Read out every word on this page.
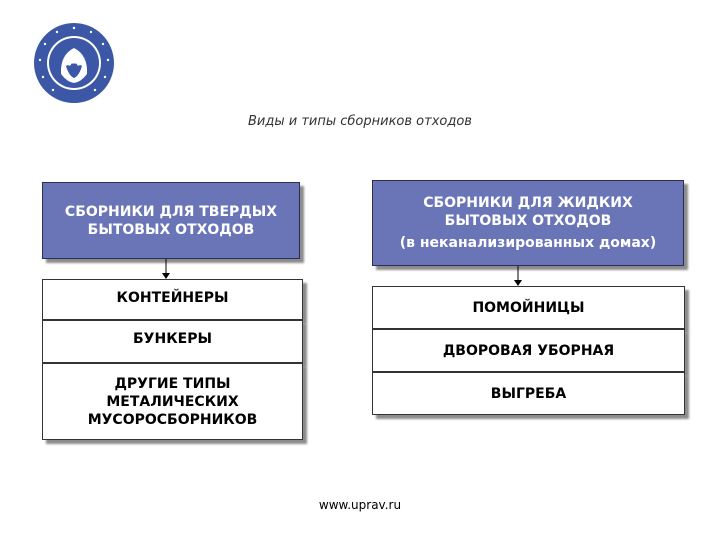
Виды и типы сборников отходов
СБОРНИКИ ДЛЯ ТВЕРДЫХ
БЫТОВЫХ ОТХОДОВ
КОНТЕЙНЕРЫ
БУНКЕРЫ
ДРУГИЕ ТИПЫ
МЕТАЛИЧЕСКИХ
МУСОРОСБОРНИКОВ
СБОРНИКИ ДЛЯ ЖИДКИХ
БЫТОВЫХ ОТХОДОВ
(в неканализированных домах)
ПОМОЙНИЦЫ
ДВОРОВАЯ УБОРНАЯ
ВЫГРЕБА
www.uprav.ru
